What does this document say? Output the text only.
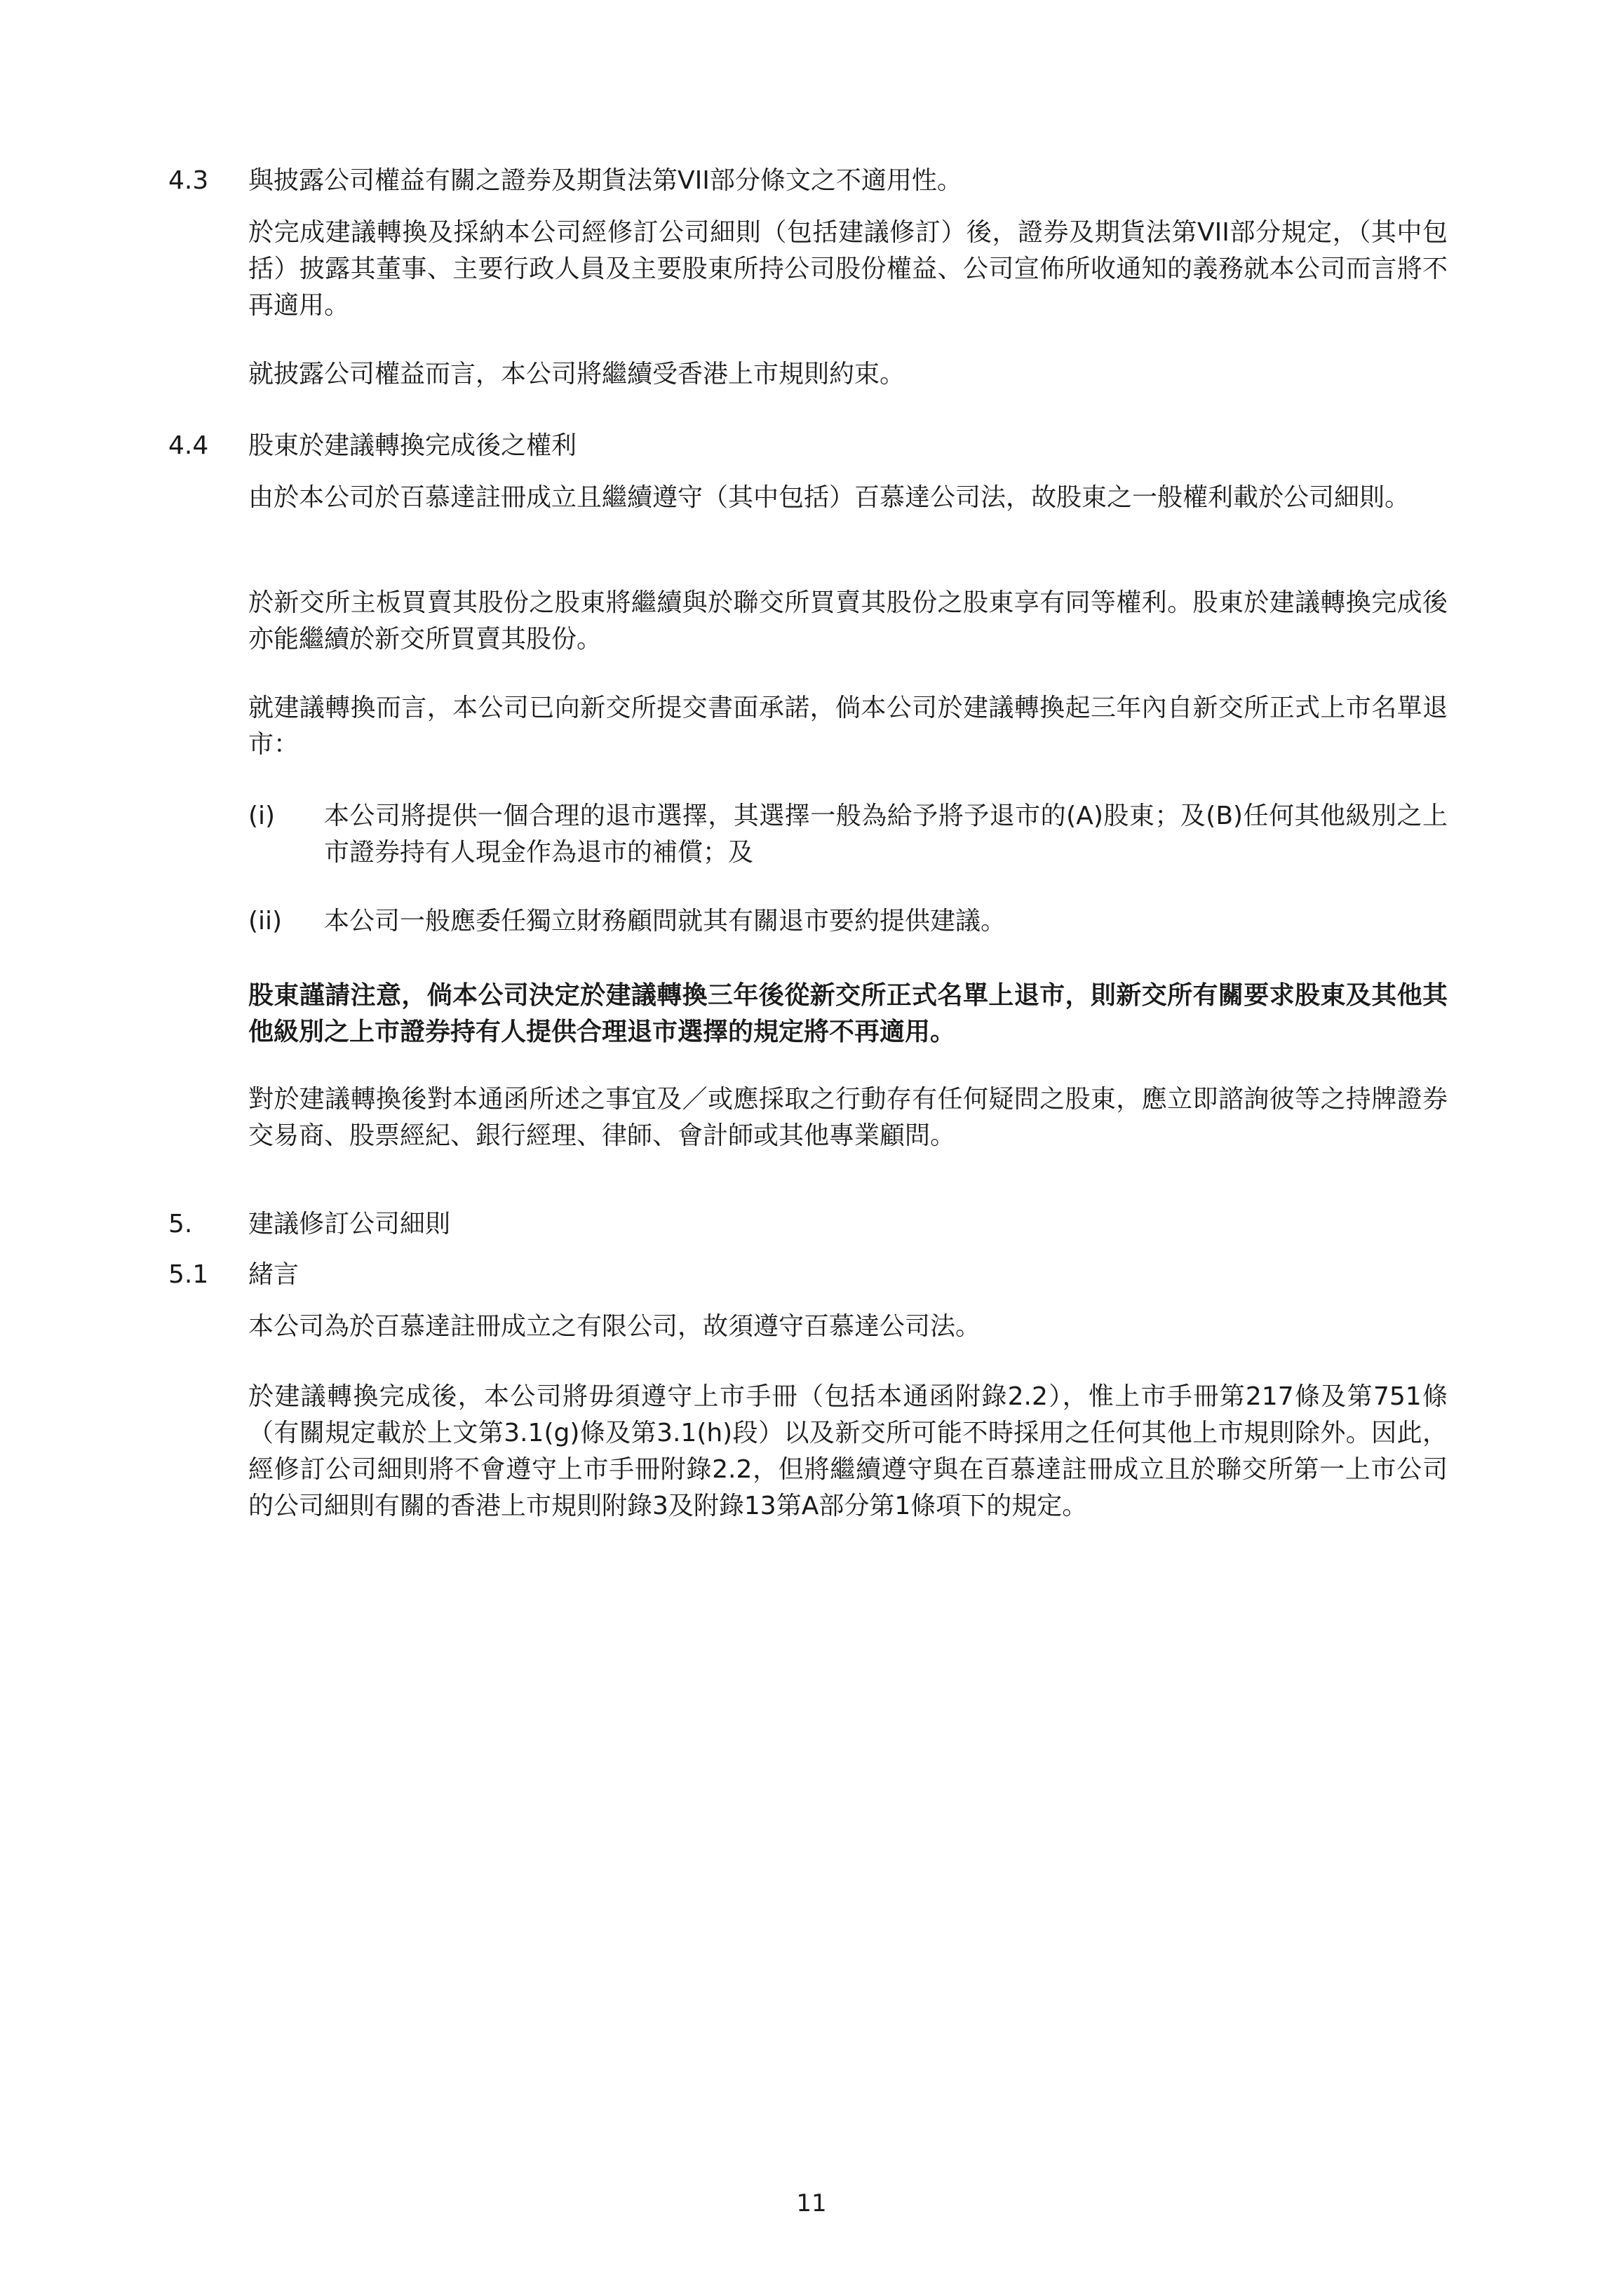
4.3 與披露公司權益有關之證券及期貨法第VII部分條文之不適用性。
於完成建議轉換及採納本公司經修訂公司細則（包括建議修訂）後，證券及期貨法第VII部分規定，（其中包括）披露其董事、主要行政人員及主要股東所持公司股份權益、公司宣佈所收通知的義務就本公司而言將不再適用。
就披露公司權益而言，本公司將繼續受香港上市規則約束。
4.4 股東於建議轉換完成後之權利
由於本公司於百慕達註冊成立且繼續遵守（其中包括）百慕達公司法，故股東之一般權利載於公司細則。
於新交所主板買賣其股份之股東將繼續與於聯交所買賣其股份之股東享有同等權利。股東於建議轉換完成後亦能繼續於新交所買賣其股份。
就建議轉換而言，本公司已向新交所提交書面承諾，倘本公司於建議轉換起三年內自新交所正式上市名單退市：
(i) 本公司將提供一個合理的退市選擇，其選擇一般為給予將予退市的(A)股東；及(B)任何其他級別之上市證券持有人現金作為退市的補償；及
(ii) 本公司一般應委任獨立財務顧問就其有關退市要約提供建議。
股東謹請注意，倘本公司決定於建議轉換三年後從新交所正式名單上退市，則新交所有關要求股東及其他其他級別之上市證券持有人提供合理退市選擇的規定將不再適用。
對於建議轉換後對本通函所述之事宜及／或應採取之行動存有任何疑問之股東，應立即諮詢彼等之持牌證券交易商、股票經紀、銀行經理、律師、會計師或其他專業顧問。
5. 建議修訂公司細則
5.1 緒言
本公司為於百慕達註冊成立之有限公司，故須遵守百慕達公司法。
於建議轉換完成後，本公司將毋須遵守上市手冊（包括本通函附錄2.2），惟上市手冊第217條及第751條（有關規定載於上文第3.1(g)條及第3.1(h)段）以及新交所可能不時採用之任何其他上市規則除外。因此，經修訂公司細則將不會遵守上市手冊附錄2.2，但將繼續遵守與在百慕達註冊成立且於聯交所第一上市公司的公司細則有關的香港上市規則附錄3及附錄13第A部分第1條項下的規定。
11
